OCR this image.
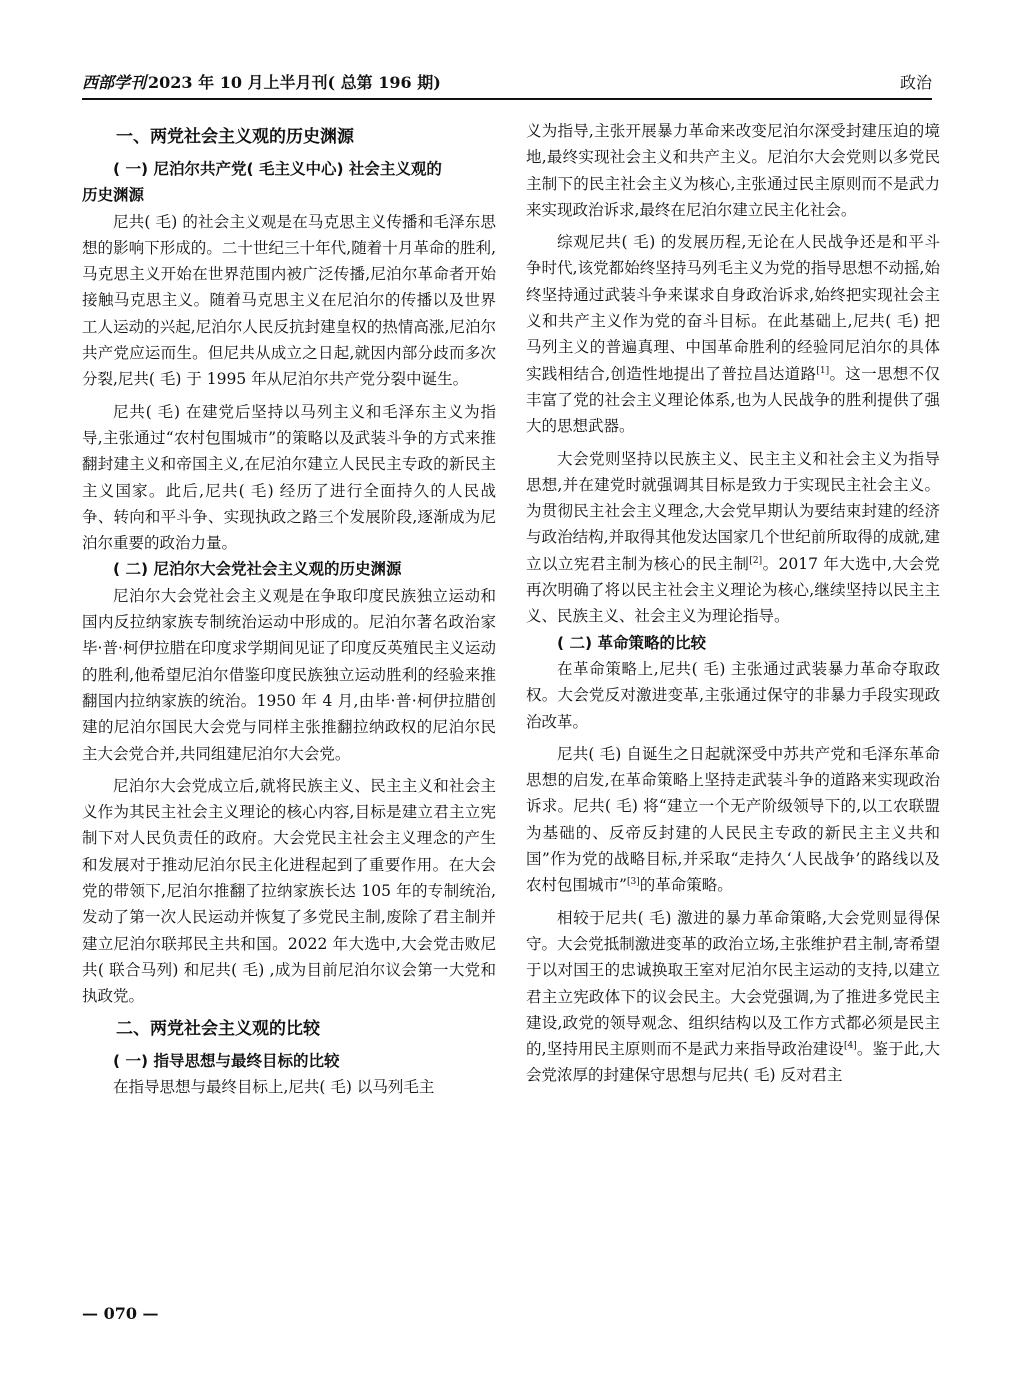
西部学刊 2023 年 10 月上半月刊( 总第 196 期)	政治
一、两党社会主义观的历史渊源
( 一) 尼泊尔共产党( 毛主义中心) 社会主义观的
历史渊源

尼共( 毛) 的社会主义观是在马克思主义传播和毛泽东思想的影响下形成的。二十世纪三十年代,随着十月革命的胜利,马克思主义开始在世界范围内被广泛传播,尼泊尔革命者开始接触马克思主义。随着马克思主义在尼泊尔的传播以及世界工人运动的兴起,尼泊尔人民反抗封建皇权的热情高涨,尼泊尔共产党应运而生。但尼共从成立之日起,就因内部分歧而多次分裂,尼共( 毛) 于 1995 年从尼泊尔共产党分裂中诞生。

尼共( 毛) 在建党后坚持以马列主义和毛泽东主义为指导,主张通过“农村包围城市”的策略以及武装斗争的方式来推翻封建主义和帝国主义,在尼泊尔建立人民民主专政的新民主主义国家。此后,尼共( 毛) 经历了进行全面持久的人民战争、转向和平斗争、实现执政之路三个发展阶段,逐渐成为尼泊尔重要的政治力量。

( 二) 尼泊尔大会党社会主义观的历史渊源

尼泊尔大会党社会主义观是在争取印度民族独立运动和国内反拉纳家族专制统治运动中形成的。尼泊尔著名政治家毕·普·柯伊拉腊在印度求学期间见证了印度反英殖民主义运动的胜利,他希望尼泊尔借鉴印度民族独立运动胜利的经验来推翻国内拉纳家族的统治。1950 年 4 月,由毕·普·柯伊拉腊创建的尼泊尔国民大会党与同样主张推翻拉纳政权的尼泊尔民主大会党合并,共同组建尼泊尔大会党。

尼泊尔大会党成立后,就将民族主义、民主主义和社会主义作为其民主社会主义理论的核心内容,目标是建立君主立宪制下对人民负责任的政府。大会党民主社会主义理念的产生和发展对于推动尼泊尔民主化进程起到了重要作用。在大会党的带领下,尼泊尔推翻了拉纳家族长达 105 年的专制统治,发动了第一次人民运动并恢复了多党民主制,废除了君主制并建立尼泊尔联邦民主共和国。2022 年大选中,大会党击败尼共( 联合马列) 和尼共( 毛) ,成为目前尼泊尔议会第一大党和执政党。

二、两党社会主义观的比较
( 一) 指导思想与最终目标的比较

在指导思想与最终目标上,尼共( 毛) 以马列毛主

义为指导,主张开展暴力革命来改变尼泊尔深受封建压迫的境地,最终实现社会主义和共产主义。尼泊尔大会党则以多党民主制下的民主社会主义为核心,主张通过民主原则而不是武力来实现政治诉求,最终在尼泊尔建立民主化社会。

综观尼共( 毛) 的发展历程,无论在人民战争还是和平斗争时代,该党都始终坚持马列毛主义为党的指导思想不动摇,始终坚持通过武装斗争来谋求自身政治诉求,始终把实现社会主义和共产主义作为党的奋斗目标。在此基础上,尼共( 毛) 把马列主义的普遍真理、中国革命胜利的经验同尼泊尔的具体实践相结合,创造性地提出了普拉昌达道路[1]。这一思想不仅丰富了党的社会主义理论体系,也为人民战争的胜利提供了强大的思想武器。

大会党则坚持以民族主义、民主主义和社会主义为指导思想,并在建党时就强调其目标是致力于实现民主社会主义。为贯彻民主社会主义理念,大会党早期认为要结束封建的经济与政治结构,并取得其他发达国家几个世纪前所取得的成就,建立以立宪君主制为核心的民主制[2]。2017 年大选中,大会党再次明确了将以民主社会主义理论为核心,继续坚持以民主主义、民族主义、社会主义为理论指导。

( 二) 革命策略的比较

在革命策略上,尼共( 毛) 主张通过武装暴力革命夺取政权。大会党反对激进变革,主张通过保守的非暴力手段实现政治改革。

尼共( 毛) 自诞生之日起就深受中苏共产党和毛泽东革命思想的启发,在革命策略上坚持走武装斗争的道路来实现政治诉求。尼共( 毛) 将“建立一个无产阶级领导下的,以工农联盟为基础的、反帝反封建的人民民主专政的新民主主义共和国”作为党的战略目标,并采取“走持久‘人民战争’的路线以及农村包围城市”[3]的革命策略。

相较于尼共( 毛) 激进的暴力革命策略,大会党则显得保守。大会党抵制激进变革的政治立场,主张维护君主制,寄希望于以对国王的忠诚换取王室对尼泊尔民主运动的支持,以建立君主立宪政体下的议会民主。大会党强调,为了推进多党民主建设,政党的领导观念、组织结构以及工作方式都必须是民主的,坚持用民主原则而不是武力来指导政治建设[4]。鉴于此,大会党浓厚的封建保守思想与尼共( 毛) 反对君主

— 070 —
